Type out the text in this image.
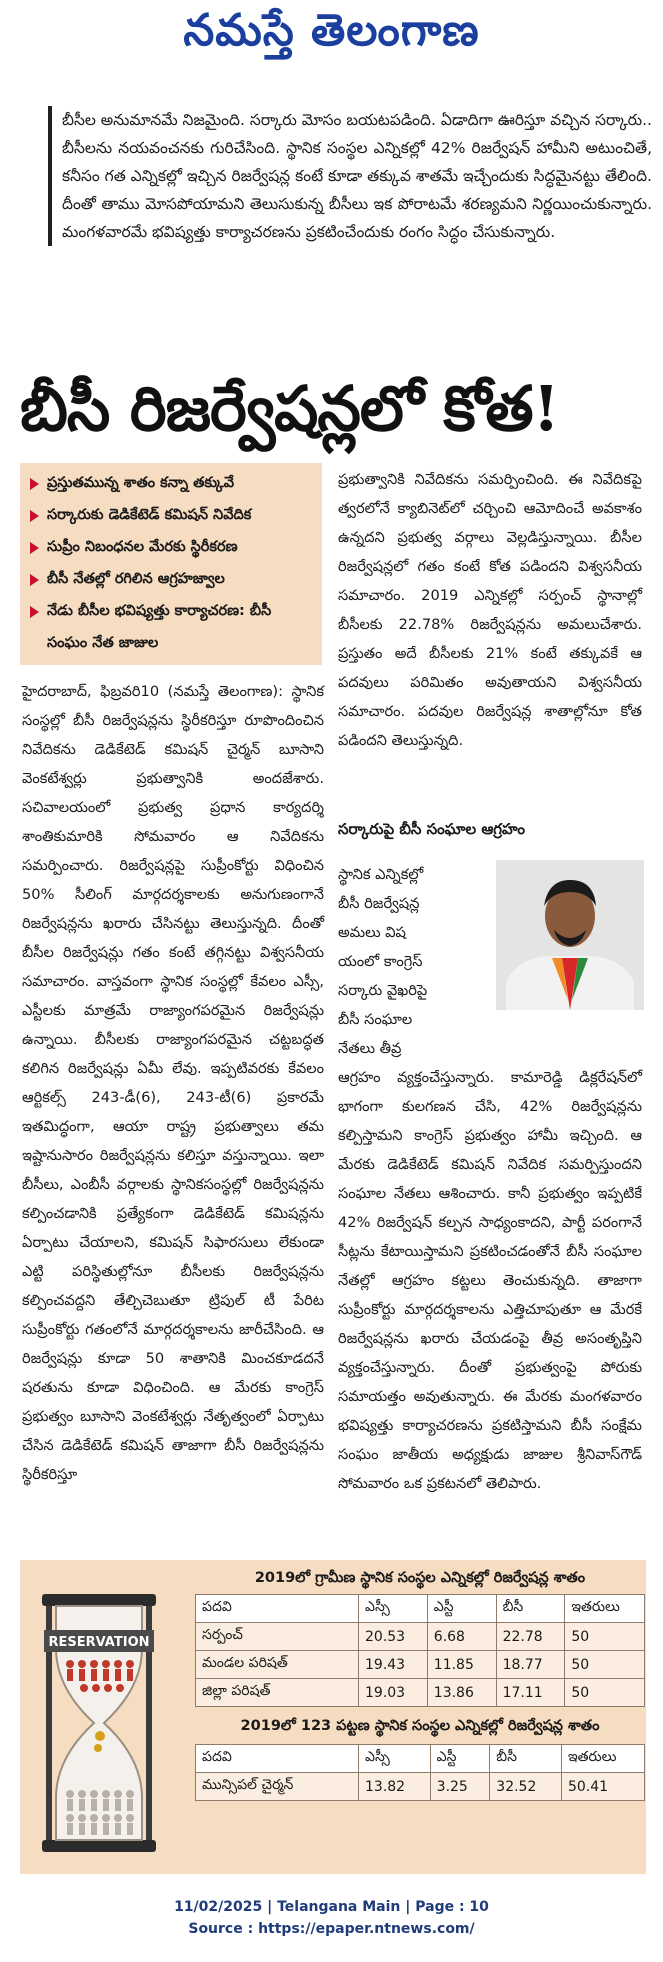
నమస్తే తెలంగాణ
బీసీల అనుమానమే నిజమైంది. సర్కారు మోసం బయటపడింది. ఏడాదిగా ఊరిస్తూ వచ్చిన సర్కారు.. బీసీలను నయవంచనకు గురిచేసింది. స్థానిక సంస్థల ఎన్నికల్లో 42% రిజర్వేషన్‌ హామీని అటుంచితే, కనీసం గత ఎన్నికల్లో ఇచ్చిన రిజర్వేషన్ల కంటే కూడా తక్కువ శాతమే ఇచ్చేందుకు సిద్ధమైనట్టు తేలింది. దీంతో తాము మోసపోయామని తెలుసుకున్న బీసీలు ఇక పోరాటమే శరణ్యమని నిర్ణయించుకున్నారు. మంగళవారమే భవిష్యత్తు కార్యాచరణను ప్రకటించేందుకు రంగం సిద్ధం చేసుకున్నారు.
బీసీ రిజర్వేషన్లలో కోత!
ప్రస్తుతమున్న శాతం కన్నా తక్కువే
సర్కారుకు డెడికేటెడ్‌ కమిషన్‌ నివేదిక
సుప్రీం నిబంధనల మేరకు స్థిరీకరణ
బీసీ నేతల్లో రగిలిన ఆగ్రహజ్వాల
నేడు బీసీల భవిష్యత్తు కార్యాచరణ: బీసీ సంఘం నేత జాజుల
హైదరాబాద్‌, ఫిబ్రవరి10 (నమస్తే తెలంగాణ): స్థానిక సంస్థల్లో బీసీ రిజర్వేషన్లను స్థిరీకరిస్తూ రూపొందించిన నివేదికను డెడికేటెడ్‌ కమిషన్‌ చైర్మన్‌ బూసాని వెంకటేశ్వర్లు ప్రభుత్వానికి అందజేశారు. సచివాలయంలో ప్రభుత్వ ప్రధాన కార్యదర్శి శాంతికుమారికి సోమవారం ఆ నివేదికను సమర్పించారు. రిజర్వేషన్లపై సుప్రీంకోర్టు విధించిన 50% సీలింగ్‌ మార్గదర్శకాలకు అనుగుణంగానే రిజర్వేషన్లను ఖరారు చేసినట్టు తెలుస్తున్నది. దీంతో బీసీల రిజర్వేషన్లు గతం కంటే తగ్గినట్టు విశ్వసనీయ సమాచారం. వాస్తవంగా స్థానిక సంస్థల్లో కేవలం ఎస్సీ, ఎస్టీలకు మాత్రమే రాజ్యాంగపరమైన రిజర్వేషన్లు ఉన్నాయి. బీసీలకు రాజ్యాంగపరమైన చట్టబద్ధత కలిగిన రిజర్వేషన్లు ఏమీ లేవు. ఇప్పటివరకు కేవలం ఆర్టికల్స్‌ 243-డీ(6), 243-టీ(6) ప్రకారమే ఇతమిద్ధంగా, ఆయా రాష్ట్ర ప్రభుత్వాలు తమ ఇష్టానుసారం రిజర్వేషన్లను కలిస్తూ వస్తున్నాయి. ఇలా బీసీలు, ఎంబీసీ వర్గాలకు స్థానికసంస్థల్లో రిజర్వేషన్లను కల్పించడానికి ప్రత్యేకంగా డెడికేటెడ్‌ కమిషన్లను ఏర్పాటు చేయాలని, కమిషన్‌ సిఫారసులు లేకుండా ఎట్టి పరిస్థితుల్లోనూ బీసీలకు రిజర్వేషన్లను కల్పించవద్దని తేల్చిచెబుతూ ట్రిపుల్‌ టీ పేరిట సుప్రీంకోర్టు గతంలోనే మార్గదర్శకాలను జారీచేసింది. ఆ రిజర్వేషన్లు కూడా 50 శాతానికి మించకూడదనే షరతును కూడా విధించింది. ఆ మేరకు కాంగ్రెస్‌ ప్రభుత్వం బూసాని వెంకటేశ్వర్లు నేతృత్వంలో ఏర్పాటు చేసిన డెడికేటెడ్‌ కమిషన్‌ తాజాగా బీసీ రిజర్వేషన్లను స్థిరీకరిస్తూ
ప్రభుత్వానికి నివేదికను సమర్పించింది. ఈ నివేదికపై త్వరలోనే క్యాబినెట్‌లో చర్చించి ఆమోదించే అవకాశం ఉన్నదని ప్రభుత్వ వర్గాలు వెల్లడిస్తున్నాయి. బీసీల రిజర్వేషన్లలో గతం కంటే కోత పడిందని విశ్వసనీయ సమాచారం. 2019 ఎన్నికల్లో సర్పంచ్‌ స్థానాల్లో బీసీలకు 22.78% రిజర్వేషన్లను అమలుచేశారు. ప్రస్తుతం అదే బీసీలకు 21% కంటే తక్కువకే ఆ పదవులు పరిమితం అవుతాయని విశ్వసనీయ సమాచారం. పదవుల రిజర్వేషన్ల శాతాల్లోనూ కోత పడిందని తెలుస్తున్నది.
సర్కారుపై బీసీ సంఘాల ఆగ్రహం
స్థానిక ఎన్నికల్లో
బీసీ రిజర్వేషన్ల
అమలు విష
యంలో కాంగ్రెస్‌
సర్కారు వైఖరిపై
బీసీ సంఘాల
నేతలు తీవ్ర
ఆగ్రహం వ్యక్తంచేస్తున్నారు. కామారెడ్డి డిక్లరేషన్‌లో భాగంగా కులగణన చేసి, 42% రిజర్వేషన్లను కల్పిస్తామని కాంగ్రెస్‌ ప్రభుత్వం హామీ ఇచ్చింది. ఆ మేరకు డెడికేటెడ్‌ కమిషన్‌ నివేదిక సమర్పిస్తుందని సంఘాల నేతలు ఆశించారు. కానీ ప్రభుత్వం ఇప్పటికే 42% రిజర్వేషన్‌ కల్పన సాధ్యంకాదని, పార్టీ పరంగానే సీట్లను కేటాయిస్తామని ప్రకటించడంతోనే బీసీ సంఘాల నేతల్లో ఆగ్రహం కట్టలు తెంచుకున్నది. తాజాగా సుప్రీంకోర్టు మార్గదర్శకాలను ఎత్తిచూపుతూ ఆ మేరకే రిజర్వేషన్లను ఖరారు చేయడంపై తీవ్ర అసంతృప్తిని వ్యక్తంచేస్తున్నారు. దీంతో ప్రభుత్వంపై పోరుకు సమాయత్తం అవుతున్నారు. ఈ మేరకు మంగళవారం భవిష్యత్తు కార్యాచరణను ప్రకటిస్తామని బీసీ సంక్షేమ సంఘం జాతీయ అధ్యక్షుడు జాజుల శ్రీనివాస్‌గౌడ్‌ సోమవారం ఒక ప్రకటనలో తెలిపారు.
RESERVATION
2019లో గ్రామీణ స్థానిక సంస్థల ఎన్నికల్లో రిజర్వేషన్ల శాతం
పదవి	ఎస్సీ	ఎస్టీ	బీసీ	ఇతరులు
సర్పంచ్‌	20.53	6.68	22.78	50
మండల పరిషత్‌	19.43	11.85	18.77	50
జిల్లా పరిషత్‌	19.03	13.86	17.11	50
2019లో 123 పట్టణ స్థానిక సంస్థల ఎన్నికల్లో రిజర్వేషన్ల శాతం
పదవి	ఎస్సీ	ఎస్టీ	బీసీ	ఇతరులు
మున్సిపల్‌ చైర్మన్‌	13.82	3.25	32.52	50.41
11/02/2025 | Telangana Main | Page : 10
Source : https://epaper.ntnews.com/
